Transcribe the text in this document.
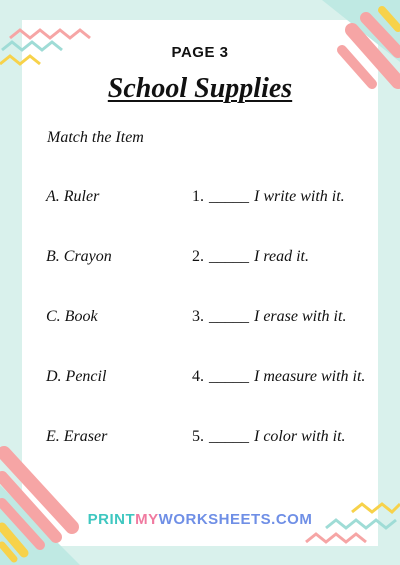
PAGE 3
School Supplies
Match the Item
A. Ruler	1. _____ I write with it.
B. Crayon	2. _____ I read it.
C. Book	3. _____ I erase with it.
D. Pencil	4. _____ I measure with it.
E. Eraser	5. _____ I color with it.
PRINTMYWORKSHEETS.COM
